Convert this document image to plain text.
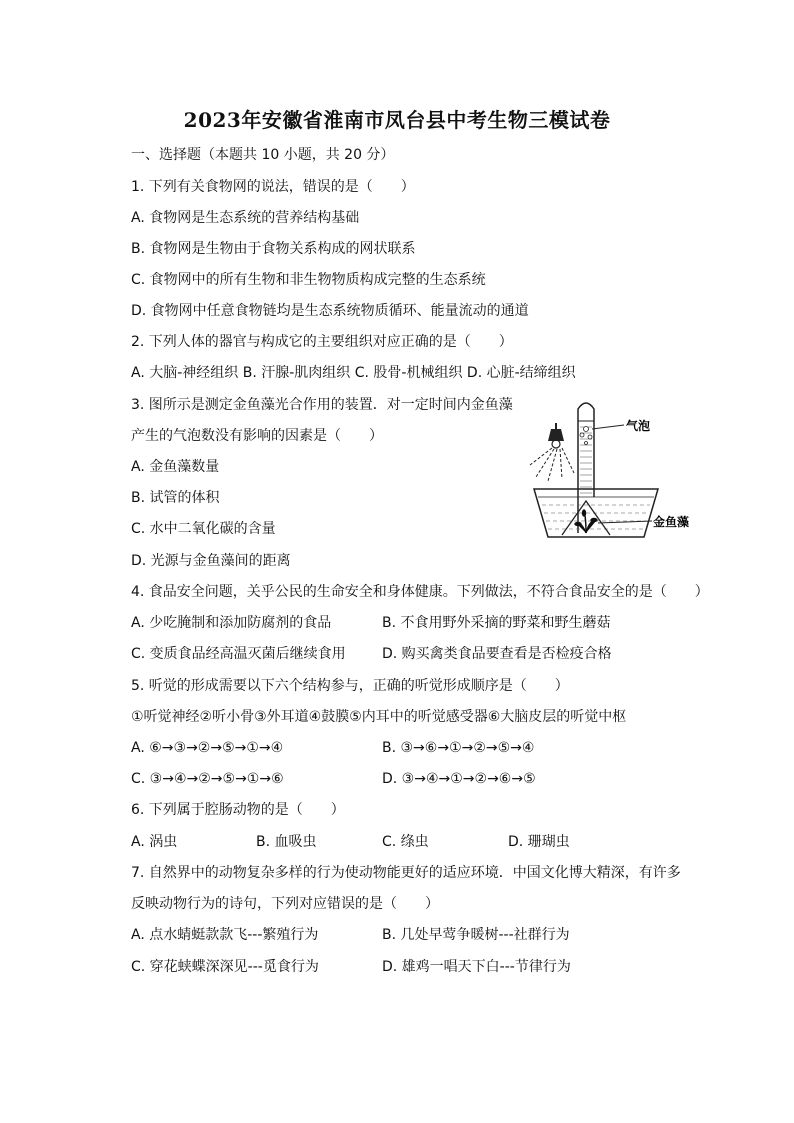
2023年安徽省淮南市凤台县中考生物三模试卷
一、选择题（本题共 10 小题，共 20 分）
1. 下列有关食物网的说法，错误的是（　　）
A. 食物网是生态系统的营养结构基础
B. 食物网是生物由于食物关系构成的网状联系
C. 食物网中的所有生物和非生物物质构成完整的生态系统
D. 食物网中任意食物链均是生态系统物质循环、能量流动的通道
2. 下列人体的器官与构成它的主要组织对应正确的是（　　）
A. 大脑-神经组织 B. 汗腺-肌肉组织 C. 股骨-机械组织 D. 心脏-结缔组织
3. 图所示是测定金鱼藻光合作用的装置．对一定时间内金鱼藻
产生的气泡数没有影响的因素是（　　）
A. 金鱼藻数量
B. 试管的体积
C. 水中二氧化碳的含量
D. 光源与金鱼藻间的距离
气泡
金鱼藻
4. 食品安全问题，关乎公民的生命安全和身体健康。下列做法，不符合食品安全的是（　　）
A. 少吃腌制和添加防腐剂的食品	B. 不食用野外采摘的野菜和野生蘑菇
C. 变质食品经高温灭菌后继续食用	D. 购买禽类食品要查看是否检疫合格
5. 听觉的形成需要以下六个结构参与，正确的听觉形成顺序是（　　）
①听觉神经②听小骨③外耳道④鼓膜⑤内耳中的听觉感受器⑥大脑皮层的听觉中枢
A. ⑥→③→②→⑤→①→④	B. ③→⑥→①→②→⑤→④
C. ③→④→②→⑤→①→⑥	D. ③→④→①→②→⑥→⑤
6. 下列属于腔肠动物的是（　　）
A. 涡虫	B. 血吸虫	C. 绦虫	D. 珊瑚虫
7. 自然界中的动物复杂多样的行为使动物能更好的适应环境．中国文化博大精深，有许多
反映动物行为的诗句，下列对应错误的是（　　）
A. 点水蜻蜓款款飞---繁殖行为	B. 几处早莺争暖树---社群行为
C. 穿花蛱蝶深深见---觅食行为	D. 雄鸡一唱天下白---节律行为
